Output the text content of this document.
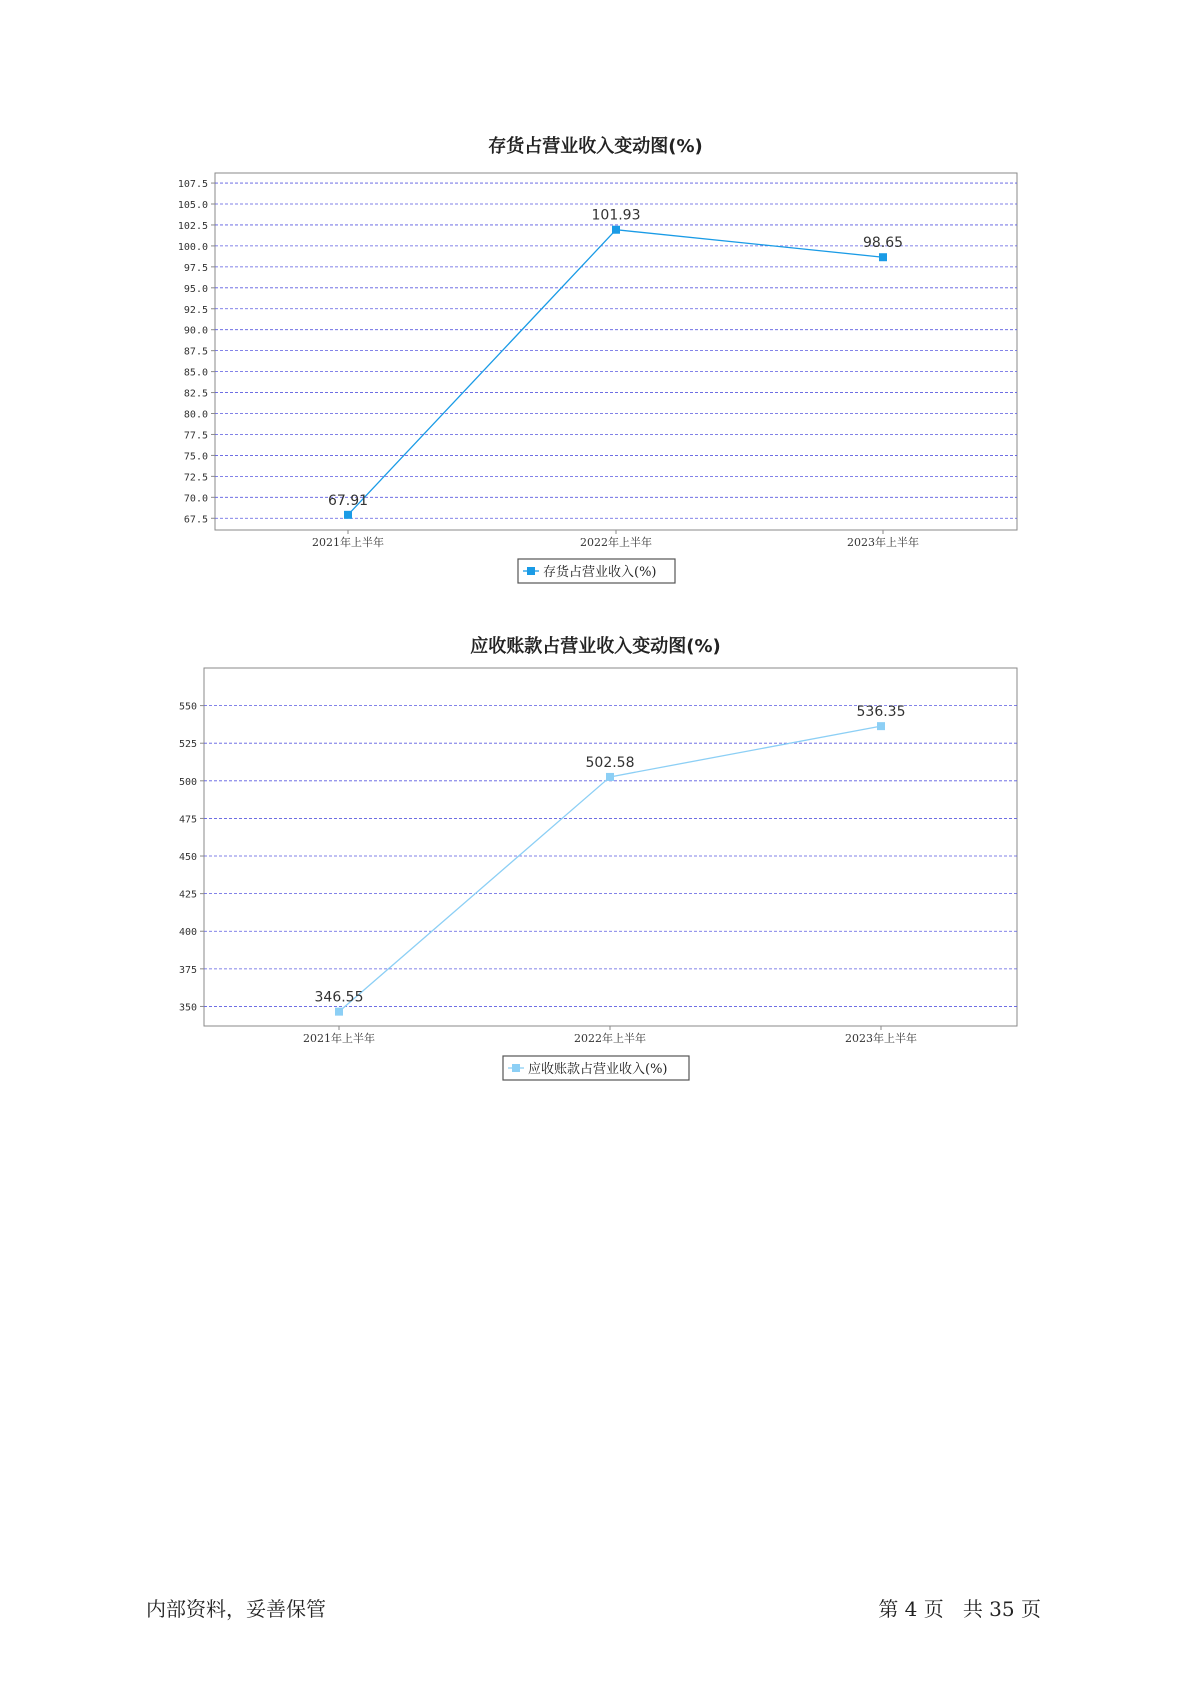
存货占营业收入变动图(%)
67.5
70.0
72.5
75.0
77.5
80.0
82.5
85.0
87.5
90.0
92.5
95.0
97.5
100.0
102.5
105.0
107.5
2021年上半年	2022年上半年	2023年上半年
67.91
101.93
98.65
存货占营业收入(%)
应收账款占营业收入变动图(%)
350
375
400
425
450
475
500
525
550
2021年上半年	2022年上半年	2023年上半年
346.55
502.58
536.35
应收账款占营业收入(%)
内部资料，妥善保管	第 4 页   共 35 页
